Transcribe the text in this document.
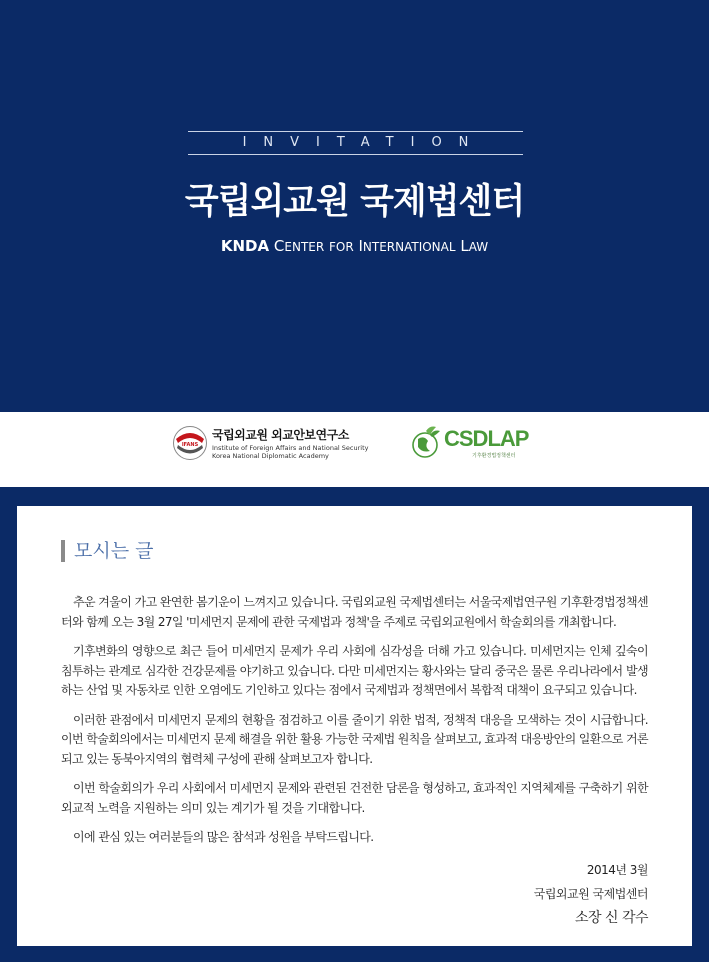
INVITATION
국립외교원 국제법센터
KNDA CENTER FOR INTERNATIONAL LAW
IFANS
국립외교원 외교안보연구소
Institute of Foreign Affairs and National Security
Korea National Diplomatic Academy
CSDLAP
기후환경법정책센터
모시는 글

추운 겨울이 가고 완연한 봄기운이 느껴지고 있습니다. 국립외교원 국제법센터는 서울국제법연구원 기후환경법정책센터와 함께 오는 3월 27일 '미세먼지 문제에 관한 국제법과 정책'을 주제로 국립외교원에서 학술회의를 개최합니다.

기후변화의 영향으로 최근 들어 미세먼지 문제가 우리 사회에 심각성을 더해 가고 있습니다. 미세먼지는 인체 깊숙이 침투하는 관계로 심각한 건강문제를 야기하고 있습니다. 다만 미세먼지는 황사와는 달리 중국은 물론 우리나라에서 발생하는 산업 및 자동차로 인한 오염에도 기인하고 있다는 점에서 국제법과 정책면에서 복합적 대책이 요구되고 있습니다.

이러한 관점에서 미세먼지 문제의 현황을 점검하고 이를 줄이기 위한 법적, 정책적 대응을 모색하는 것이 시급합니다. 이번 학술회의에서는 미세먼지 문제 해결을 위한 활용 가능한 국제법 원칙을 살펴보고, 효과적 대응방안의 일환으로 거론되고 있는 동북아지역의 협력체 구성에 관해 살펴보고자 합니다.

이번 학술회의가 우리 사회에서 미세먼지 문제와 관련된 건전한 담론을 형성하고, 효과적인 지역체제를 구축하기 위한 외교적 노력을 지원하는 의미 있는 계기가 될 것을 기대합니다.

이에 관심 있는 여러분들의 많은 참석과 성원을 부탁드립니다.

2014년 3월
국립외교원 국제법센터
소장 신 각수
